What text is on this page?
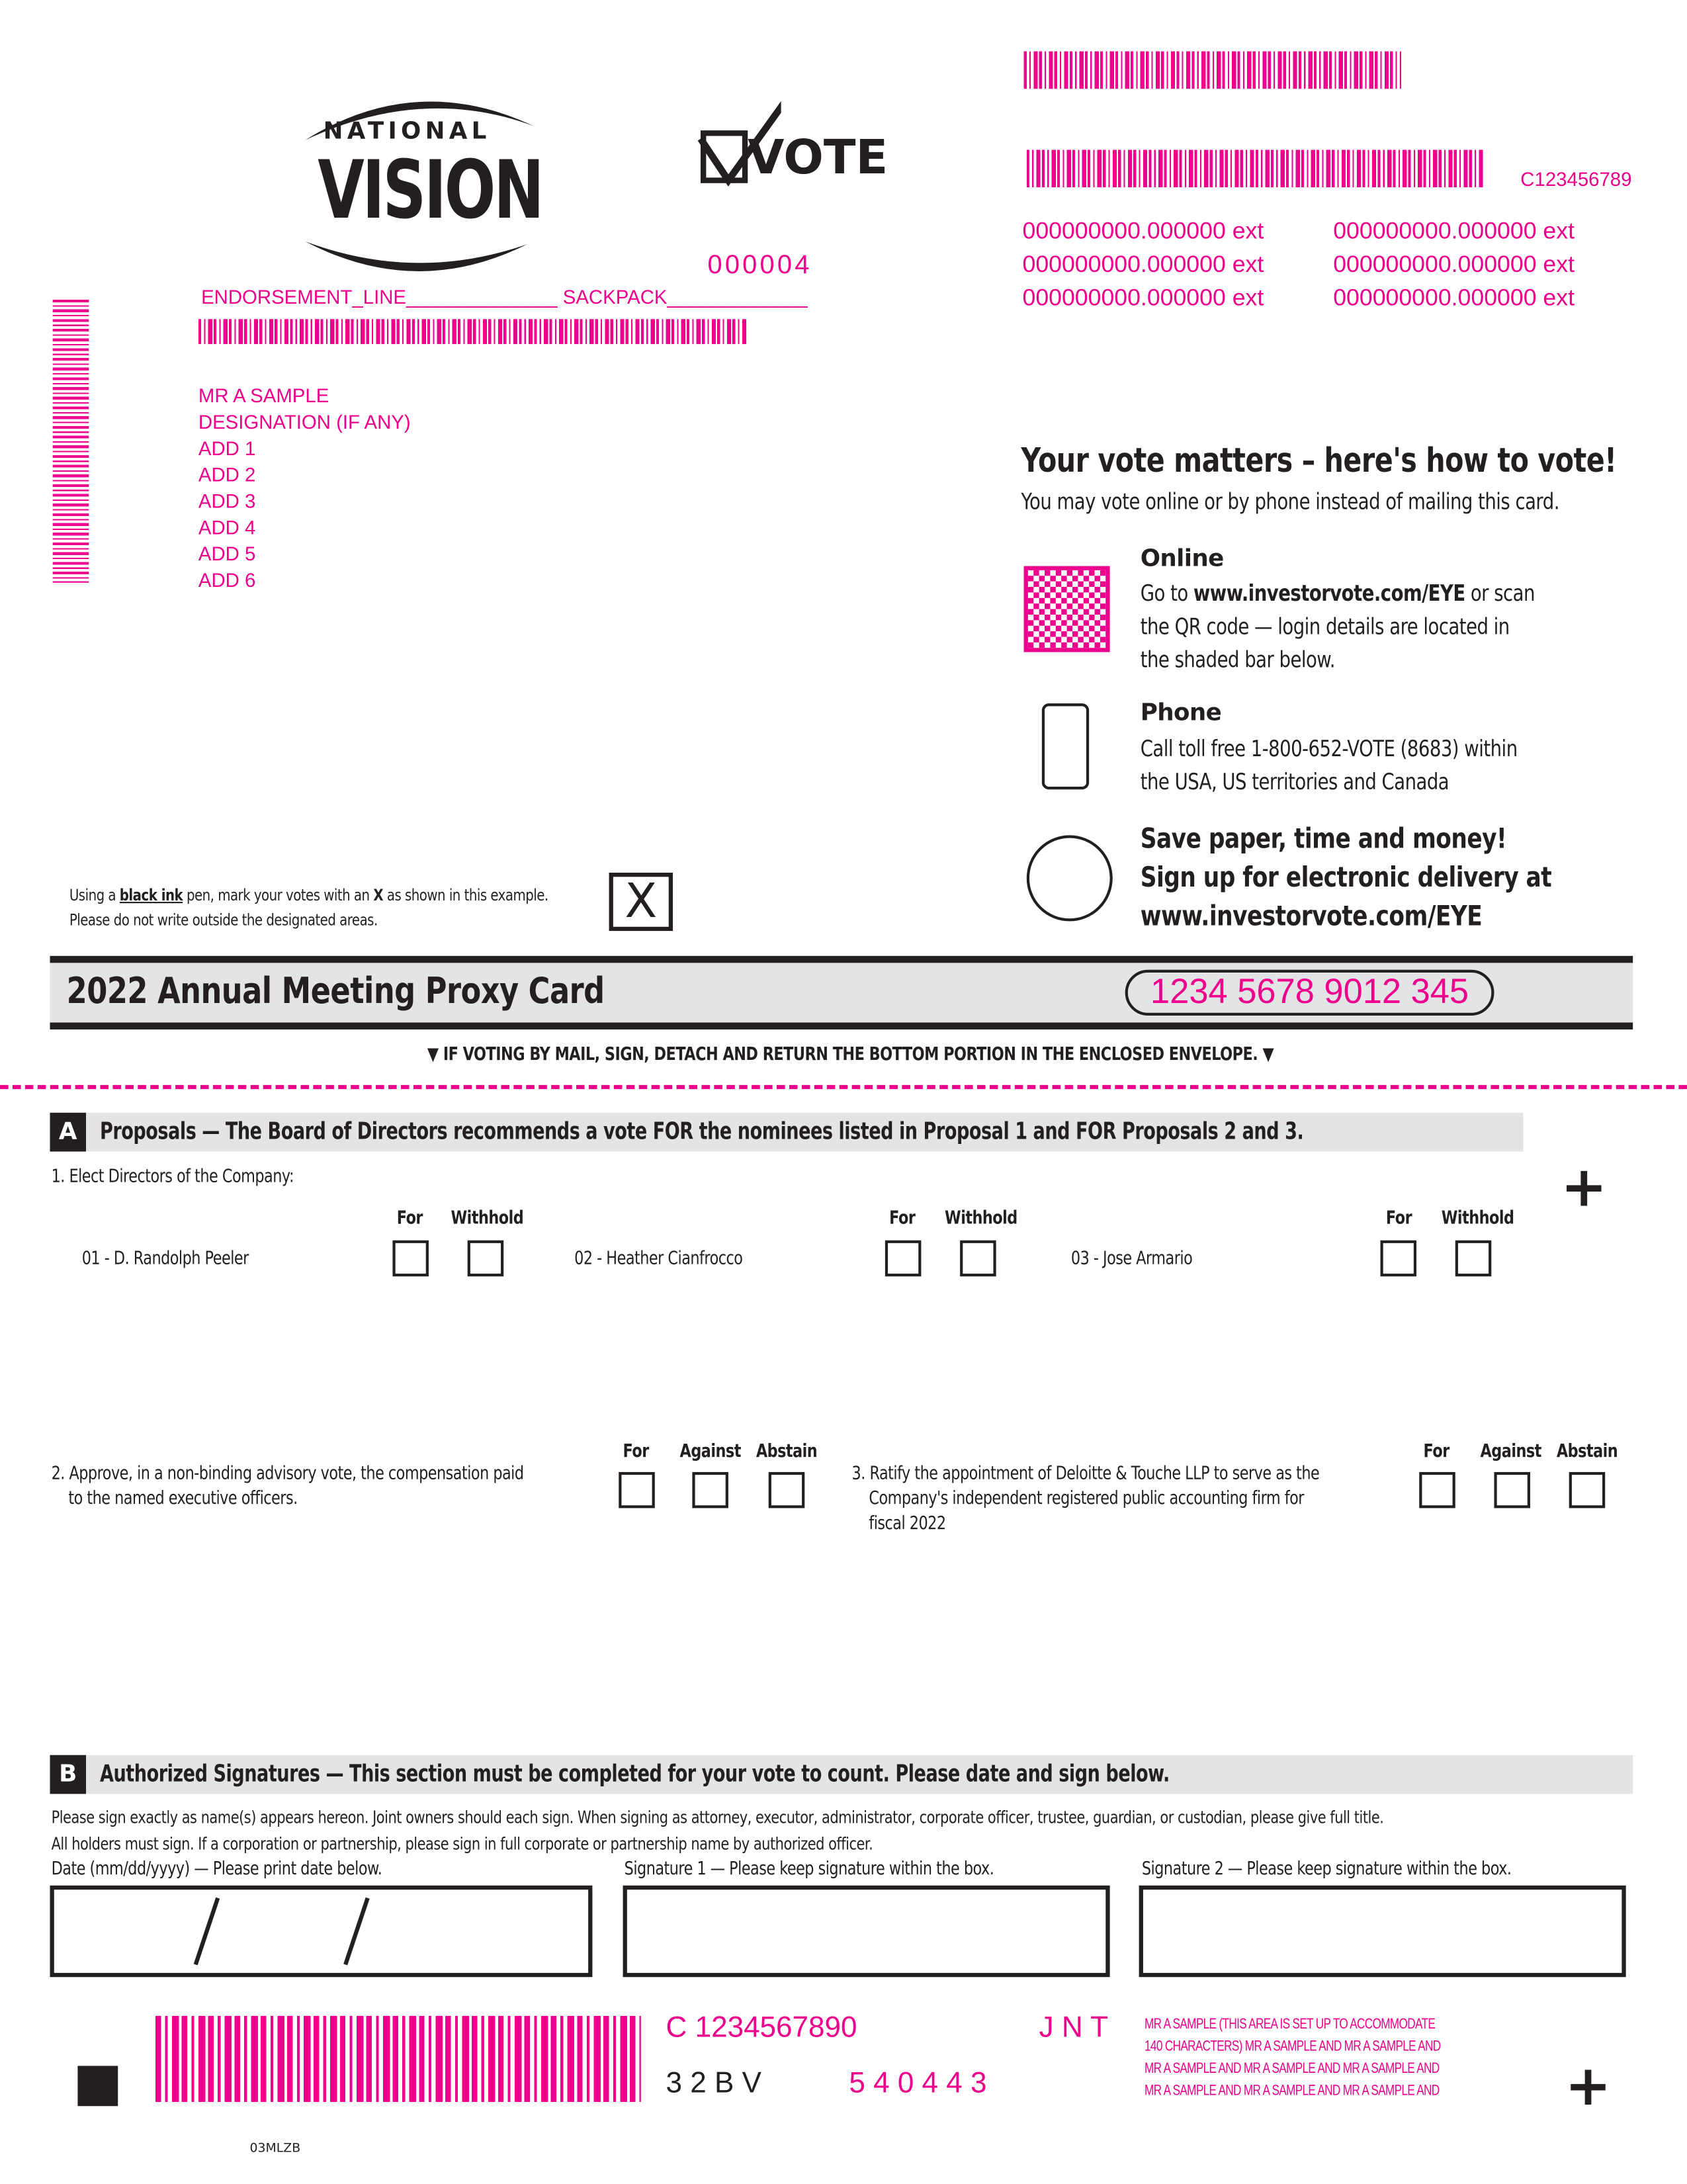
NATIONAL
VISION	VOTE
000004
ENDORSEMENT_LINE______________ SACKPACK_____________
MR A SAMPLE
DESIGNATION (IF ANY)
ADD 1
ADD 2
ADD 3
ADD 4
ADD 5
ADD 6
C123456789
000000000.000000 ext
000000000.000000 ext
000000000.000000 ext
000000000.000000 ext
000000000.000000 ext
000000000.000000 ext
Your vote matters – here's how to vote!
You may vote online or by phone instead of mailing this card.
Online
Go to www.investorvote.com/EYE or scan
the QR code — login details are located in
the shaded bar below.
Phone
Call toll free 1-800-652-VOTE (8683) within
the USA, US territories and Canada
Save paper, time and money!
Sign up for electronic delivery at
www.investorvote.com/EYE
Using a black ink pen, mark your votes with an X as shown in this example.
Please do not write outside the designated areas.	X
2022 Annual Meeting Proxy Card	1234 5678 9012 345
▼ IF VOTING BY MAIL, SIGN, DETACH AND RETURN THE BOTTOM PORTION IN THE ENCLOSED ENVELOPE. ▼
A	Proposals — The Board of Directors recommends a vote FOR the nominees listed in Proposal 1 and FOR Proposals 2 and 3.
+
1. Elect Directors of the Company:
01 - D. Randolph Peeler
For	Withhold
02 - Heather Cianfrocco
For	Withhold
03 - Jose Armario
For	Withhold
2. Approve, in a non-binding advisory vote, the compensation paid
to the named executive officers.
For	Against Abstain
3. Ratify the appointment of Deloitte & Touche LLP to serve as the
Company's independent registered public accounting firm for
fiscal 2022
For	Against Abstain
B	Authorized Signatures — This section must be completed for your vote to count. Please date and sign below.
Please sign exactly as name(s) appears hereon. Joint owners should each sign. When signing as attorney, executor, administrator, corporate officer, trustee, guardian, or custodian, please give full title.
All holders must sign. If a corporation or partnership, please sign in full corporate or partnership name by authorized officer.
Date (mm/dd/yyyy) — Please print date below.	Signature 1 — Please keep signature within the box.	Signature 2 — Please keep signature within the box.
C 1234567890	J N T
3 2 B V	5 4 0 4 4 3
MR A SAMPLE (THIS AREA IS SET UP TO ACCOMMODATE
140 CHARACTERS) MR A SAMPLE AND MR A SAMPLE AND
MR A SAMPLE AND MR A SAMPLE AND MR A SAMPLE AND
MR A SAMPLE AND MR A SAMPLE AND MR A SAMPLE AND	+
03MLZB
